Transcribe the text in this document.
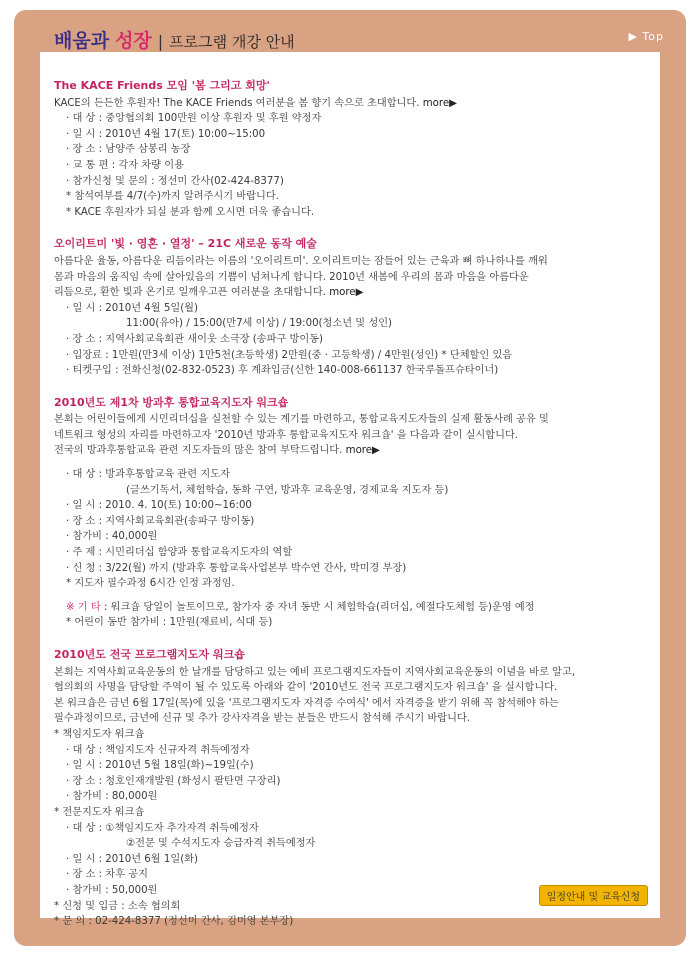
배움과 성장 | 프로그램 개강 안내	▶ Top
The KACE Friends 모임 '봄 그리고 희망'
KACE의 든든한 후원자! The KACE Friends 여러분을 봄 향기 속으로 초대합니다. more▶
· 대 상 : 중앙협의회 100만원 이상 후원자 및 후원 약정자
· 일 시 : 2010년 4월 17(토) 10:00~15:00
· 장 소 : 남양주 삼봉리 농장
· 교 통 편 : 각자 차량 이용
· 참가신청 및 문의 : 정선미 간사(02-424-8377)
* 참석여부를 4/7(수)까지 알려주시기 바랍니다.
* KACE 후원자가 되실 분과 함께 오시면 더욱 좋습니다.
오이리트미 '빛 · 영혼 · 열정' – 21C 새로운 동작 예술
아름다운 율동, 아름다운 리듬이라는 이름의 '오이리트미'. 오이리트미는 잠들어 있는 근육과 뼈 하나하나를 깨워
몸과 마음의 움직임 속에 살아있음의 기쁨이 넘쳐나게 합니다. 2010년 새봄에 우리의 몸과 마음을 아름다운
리듬으로, 환한 빛과 온기로 일깨우고픈 여러분을 초대합니다. more▶
· 일 시 : 2010년 4월 5일(월)
11:00(유아) / 15:00(만7세 이상) / 19:00(청소년 및 성인)
· 장 소 : 지역사회교육회관 새이웃 소극장 (송파구 방이동)
· 입장료 : 1만원(만3세 이상) 1만5천(초등학생) 2만원(중 · 고등학생) / 4만원(성인) * 단체할인 있음
· 티켓구입 : 전화신청(02-832-0523) 후 계좌입금(신한 140-008-661137 한국루돌프슈타이너)
2010년도 제1차 방과후 통합교육지도자 워크숍
본회는 어린이들에게 시민리더십을 실천할 수 있는 계기를 마련하고, 통합교육지도자들의 실제 활동사례 공유 및
네트워크 형성의 자리를 마련하고자 '2010년 방과후 통합교육지도자 워크숍' 을 다음과 같이 실시합니다.
전국의 방과후통합교육 관련 지도자들의 많은 참여 부탁드립니다. more▶
· 대 상 : 방과후통합교육 관련 지도자
(글쓰기독서, 체험학습, 동화 구연, 방과후 교육운영, 경제교육 지도자 등)
· 일 시 : 2010. 4. 10(토) 10:00~16:00
· 장 소 : 지역사회교육회관(송파구 방이동)
· 참가비 : 40,000원
· 주 제 : 시민리더십 함양과 통합교육지도자의 역할
· 신 청 : 3/22(월) 까지 (방과후 통합교육사업본부 박수연 간사, 박미경 부장)
* 지도자 필수과정 6시간 인정 과정임.
※ 기 타 : 워크숍 당일이 놀토이므로, 참가자 중 자녀 동반 시 체험학습(리더십, 예절다도체험 등)운영 예정
* 어린이 동반 참가비 : 1만원(재료비, 식대 등)
2010년도 전국 프로그램지도자 워크숍
본회는 지역사회교육운동의 한 날개를 담당하고 있는 예비 프로그램지도자들이 지역사회교육운동의 이념을 바로 알고,
협의회의 사명을 담당할 주역이 될 수 있도록 아래와 같이 '2010년도 전국 프로그램지도자 워크숍' 을 실시합니다.
본 워크숍은 금년 6월 17일(목)에 있을 '프로그램지도자 자격증 수여식' 에서 자격증을 받기 위해 꼭 참석해야 하는
필수과정이므로, 금년에 신규 및 추가 강사자격을 받는 분들은 반드시 참석해 주시기 바랍니다.
* 책임지도자 워크숍
· 대 상 : 책임지도자 신규자격 취득예정자
· 일 시 : 2010년 5월 18일(화)~19일(수)
· 장 소 : 청호인재개발원 (화성시 팔탄면 구장리)
· 참가비 : 80,000원
* 전문지도자 워크숍
· 대 상 : ①책임지도자 추가자격 취득예정자
②전문 및 수석지도자 승급자격 취득예정자
· 일 시 : 2010년 6월 1일(화)
· 장 소 : 차후 공지
· 참가비 : 50,000원
* 신청 및 입금 : 소속 협의회
* 문 의 : 02-424-8377 (정선미 간사, 김미영 본부장)
일정안내 및 교육신청
